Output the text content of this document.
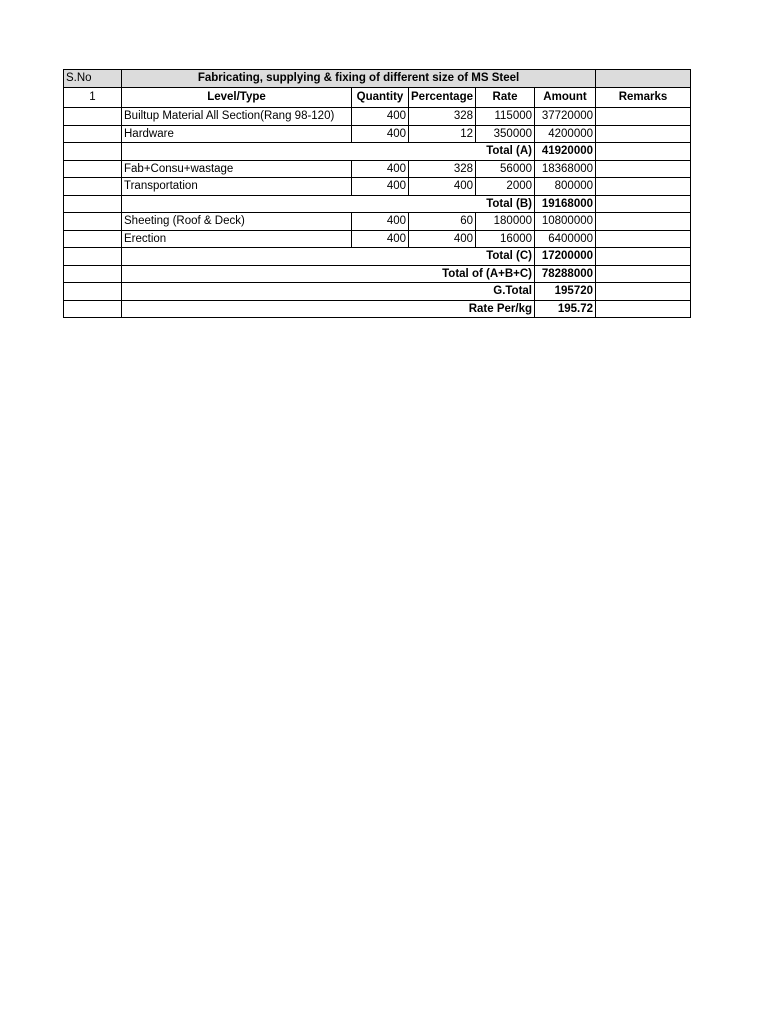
S.No	Fabricating, supplying & fixing of different size of MS Steel					
1	Level/Type	Quantity	Percentage	Rate	Amount	Remarks
	Builtup Material All Section(Rang 98-120)	400	328	115000	37720000	
	Hardware	400	12	350000	4200000	
	Total (A)				41920000	
	Fab+Consu+wastage	400	328	56000	18368000	
	Transportation	400	400	2000	800000	
	Total (B)				19168000	
	Sheeting (Roof & Deck)	400	60	180000	10800000	
	Erection	400	400	16000	6400000	
	Total (C)				17200000	
	Total of (A+B+C)				78288000	
	G.Total				195720	
	Rate Per/kg				195.72	
